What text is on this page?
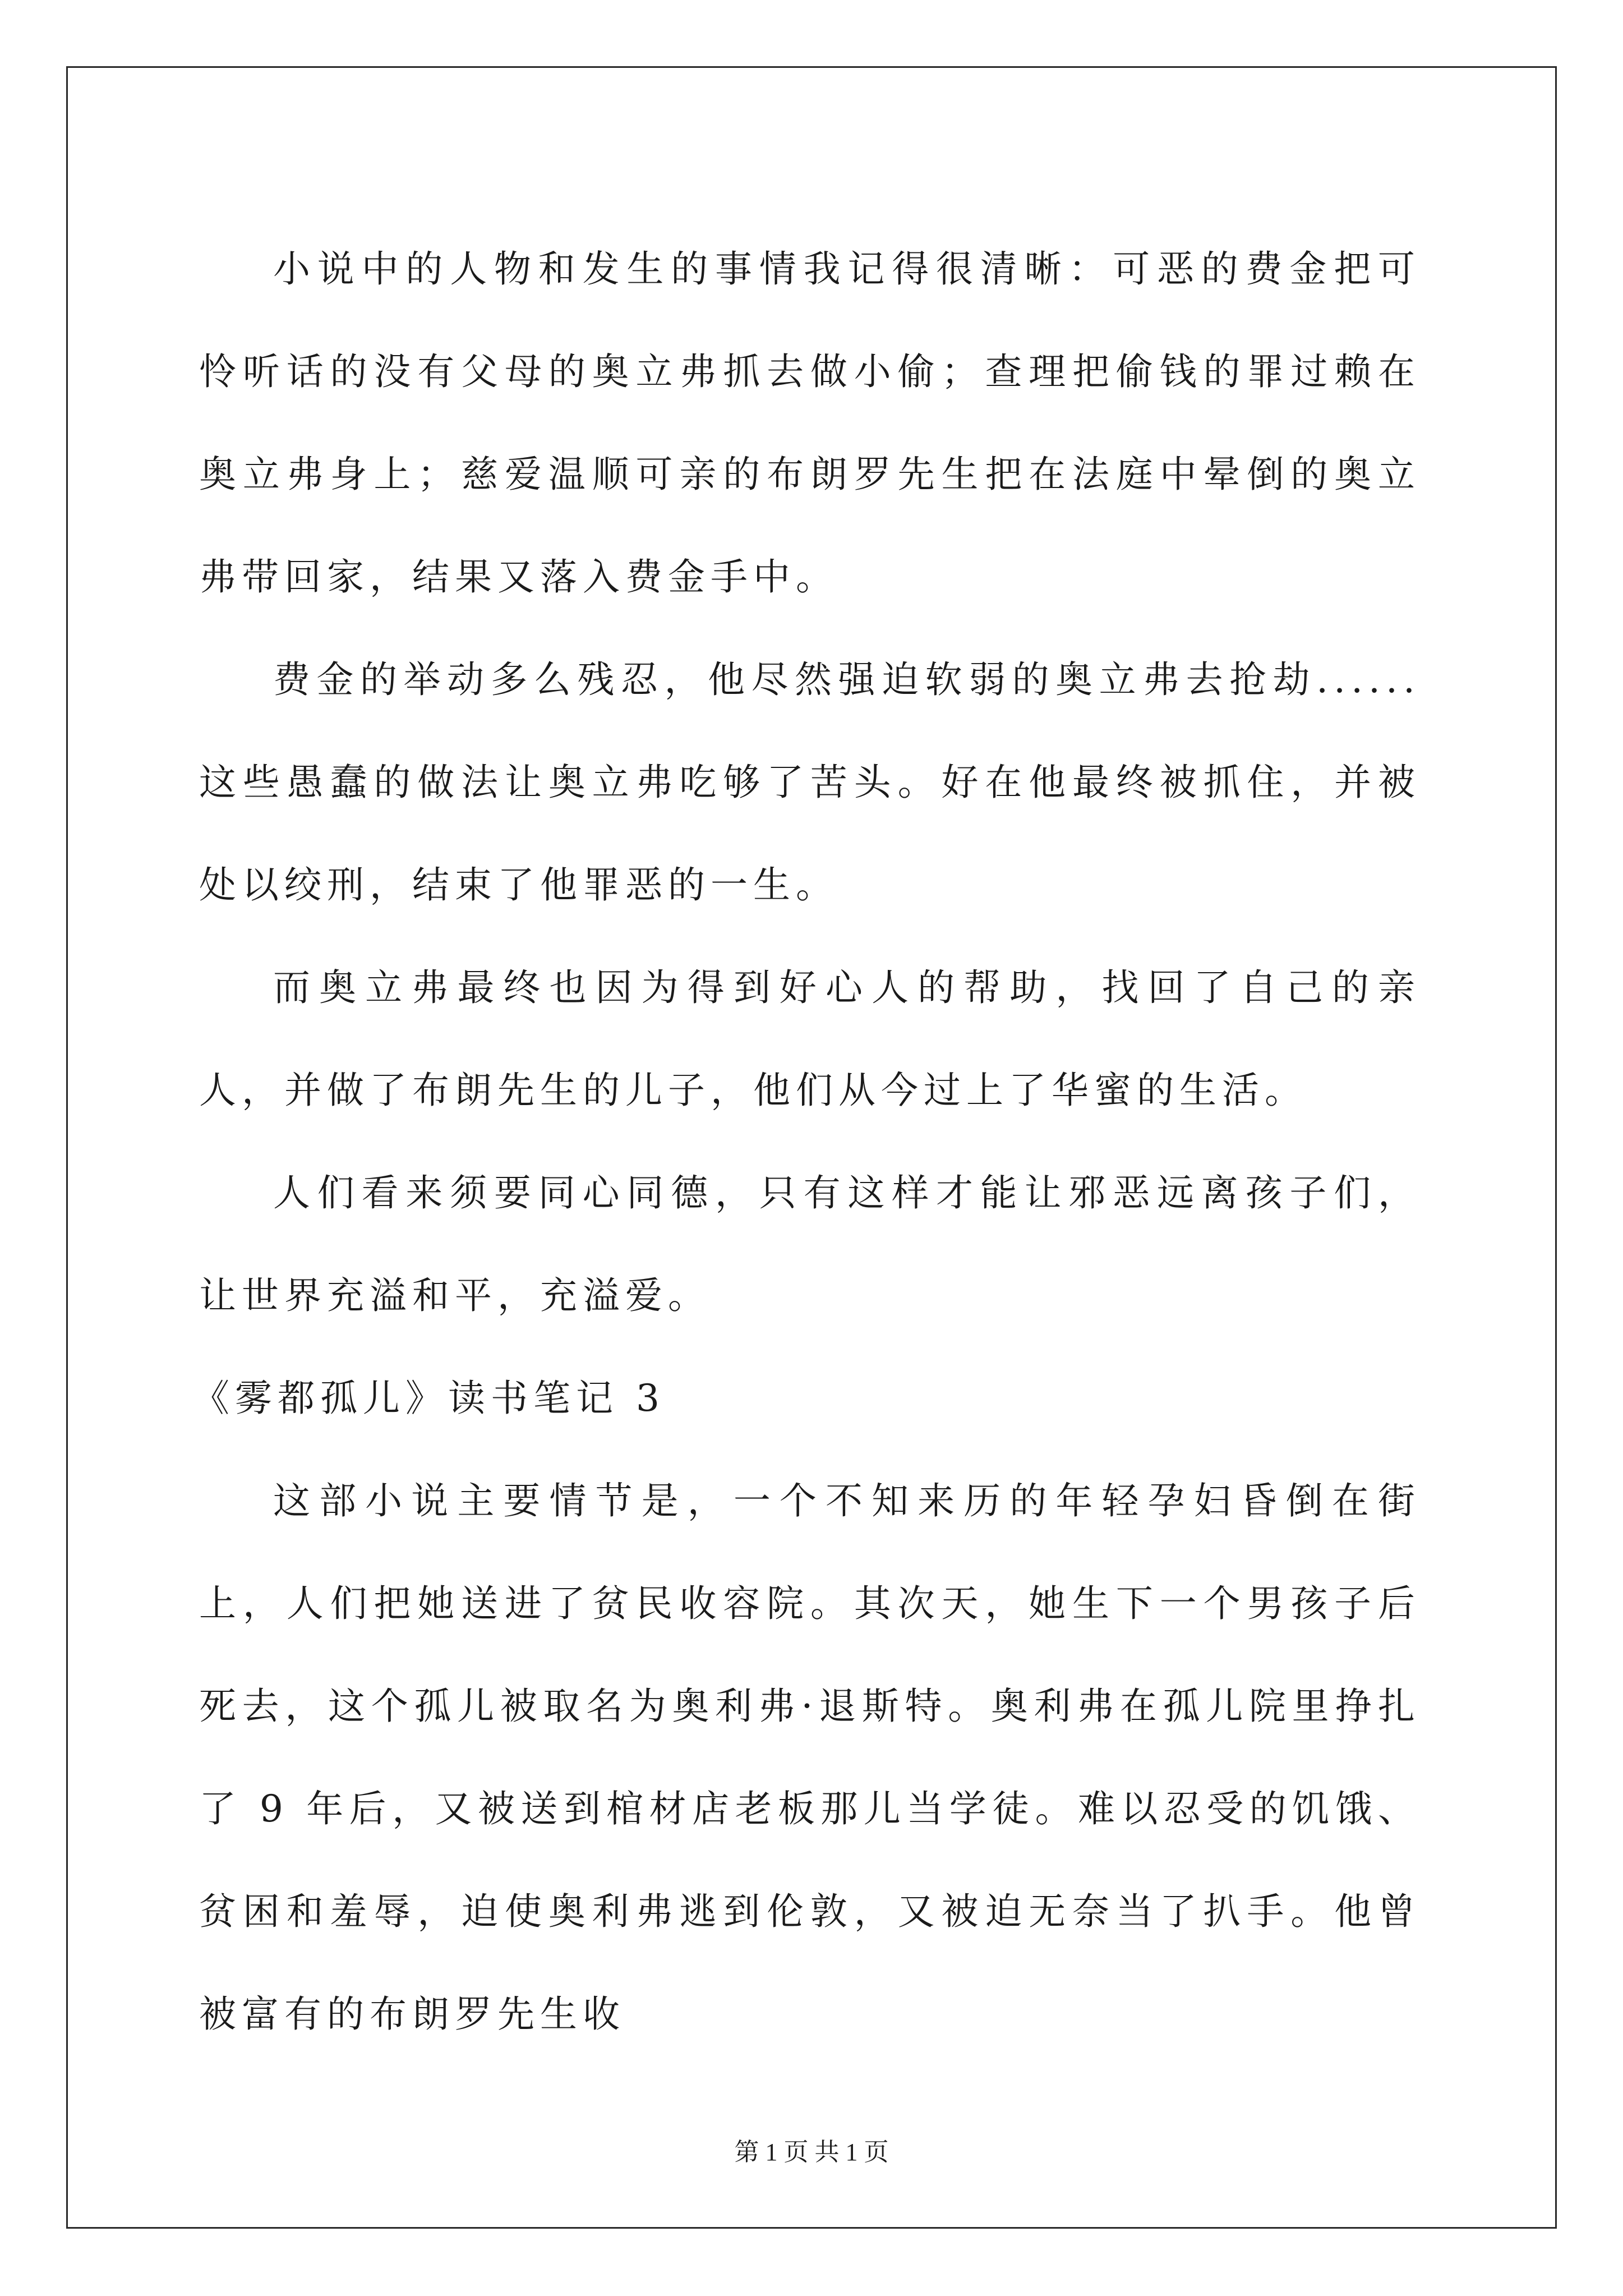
小说中的人物和发生的事情我记得很清晰：可恶的费金把可怜听话的没有父母的奥立弗抓去做小偷；查理把偷钱的罪过赖在奥立弗身上；慈爱温顺可亲的布朗罗先生把在法庭中晕倒的奥立弗带回家，结果又落入费金手中。

费金的举动多么残忍，他尽然强迫软弱的奥立弗去抢劫......这些愚蠢的做法让奥立弗吃够了苦头。好在他最终被抓住，并被处以绞刑，结束了他罪恶的一生。

而奥立弗最终也因为得到好心人的帮助，找回了自己的亲人，并做了布朗先生的儿子，他们从今过上了华蜜的生活。

人们看来须要同心同德，只有这样才能让邪恶远离孩子们，让世界充溢和平，充溢爱。

《雾都孤儿》读书笔记 3

这部小说主要情节是，一个不知来历的年轻孕妇昏倒在街上，人们把她送进了贫民收容院。其次天，她生下一个男孩子后死去，这个孤儿被取名为奥利弗·退斯特。奥利弗在孤儿院里挣扎了 9 年后，又被送到棺材店老板那儿当学徒。难以忍受的饥饿、贫困和羞辱，迫使奥利弗逃到伦敦，又被迫无奈当了扒手。他曾被富有的布朗罗先生收

第 1 页 共 1 页
